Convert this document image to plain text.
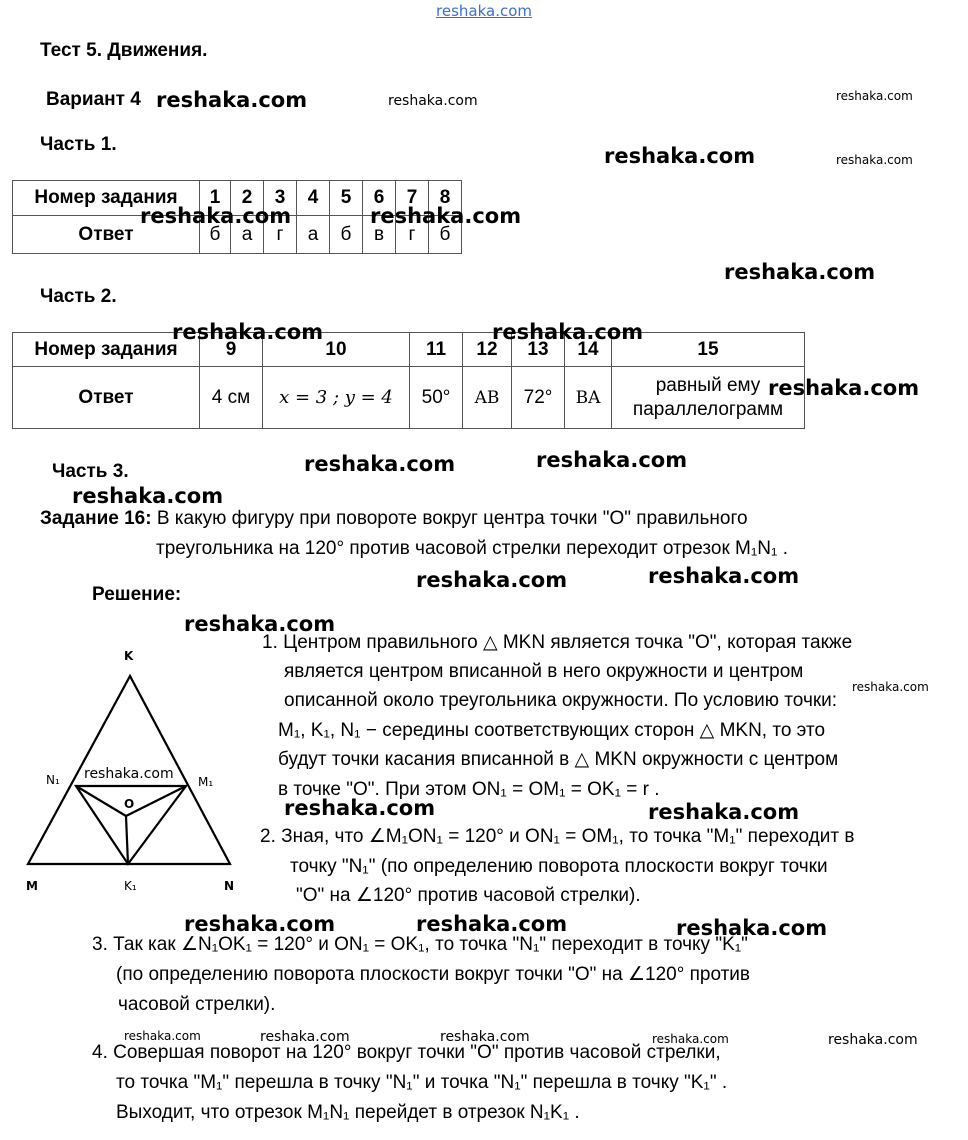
reshaka.com
Тест 5. Движения.
Вариант 4
Часть 1.
Номер задания	1	2	3	4	5	6	7	8
Ответ	б	а	г	а	б	в	г	б
Часть 2.
Номер задания	9	10	11	12	13	14	15
Ответ	4 см	x = 3 ; y = 4	50°	AB	72°	BA	равный ему
параллелограмм
Часть 3.
Задание 16: В какую фигуру при повороте вокруг центра точки "О" правильного
треугольника на 120° против часовой стрелки переходит отрезок M₁N₁ .
Решение:
K
N₁	M₁
O
M	K₁	N
reshaka.com
1. Центром правильного △ MKN является точка "О", которая также
является центром вписанной в него окружности и центром
описанной около треугольника окружности. По условию точки:
M₁, K₁, N₁ − середины соответствующих сторон △ MKN, то это
будут точки касания вписанной в △ MKN окружности с центром
в точке "О". При этом ON₁ = OM₁ = OK₁ = r .
2. Зная, что ∠M₁ON₁ = 120° и ON₁ = OM₁, то точка "M₁" переходит в
точку "N₁" (по определению поворота плоскости вокруг точки
"О" на ∠120° против часовой стрелки).
3. Так как ∠N₁OK₁ = 120° и ON₁ = OK₁, то точка "N₁" переходит в точку "K₁"
(по определению поворота плоскости вокруг точки "О" на ∠120° против
часовой стрелки).
4. Совершая поворот на 120° вокруг точки "O" против часовой стрелки,
то точка "M₁" перешла в точку "N₁" и точка "N₁" перешла в точку "K₁" .
Выходит, что отрезок M₁N₁ перейдет в отрезок N₁K₁ .
reshaka.com	reshaka.com	reshaka.com
reshaka.com	reshaka.com
reshaka.com	reshaka.com
reshaka.com
reshaka.com	reshaka.com
reshaka.com
reshaka.com	reshaka.com
reshaka.com
reshaka.com	reshaka.com
reshaka.com
reshaka.com
reshaka.com	reshaka.com
reshaka.com	reshaka.com	reshaka.com
reshaka.com	reshaka.com	reshaka.com	reshaka.com	reshaka.com
